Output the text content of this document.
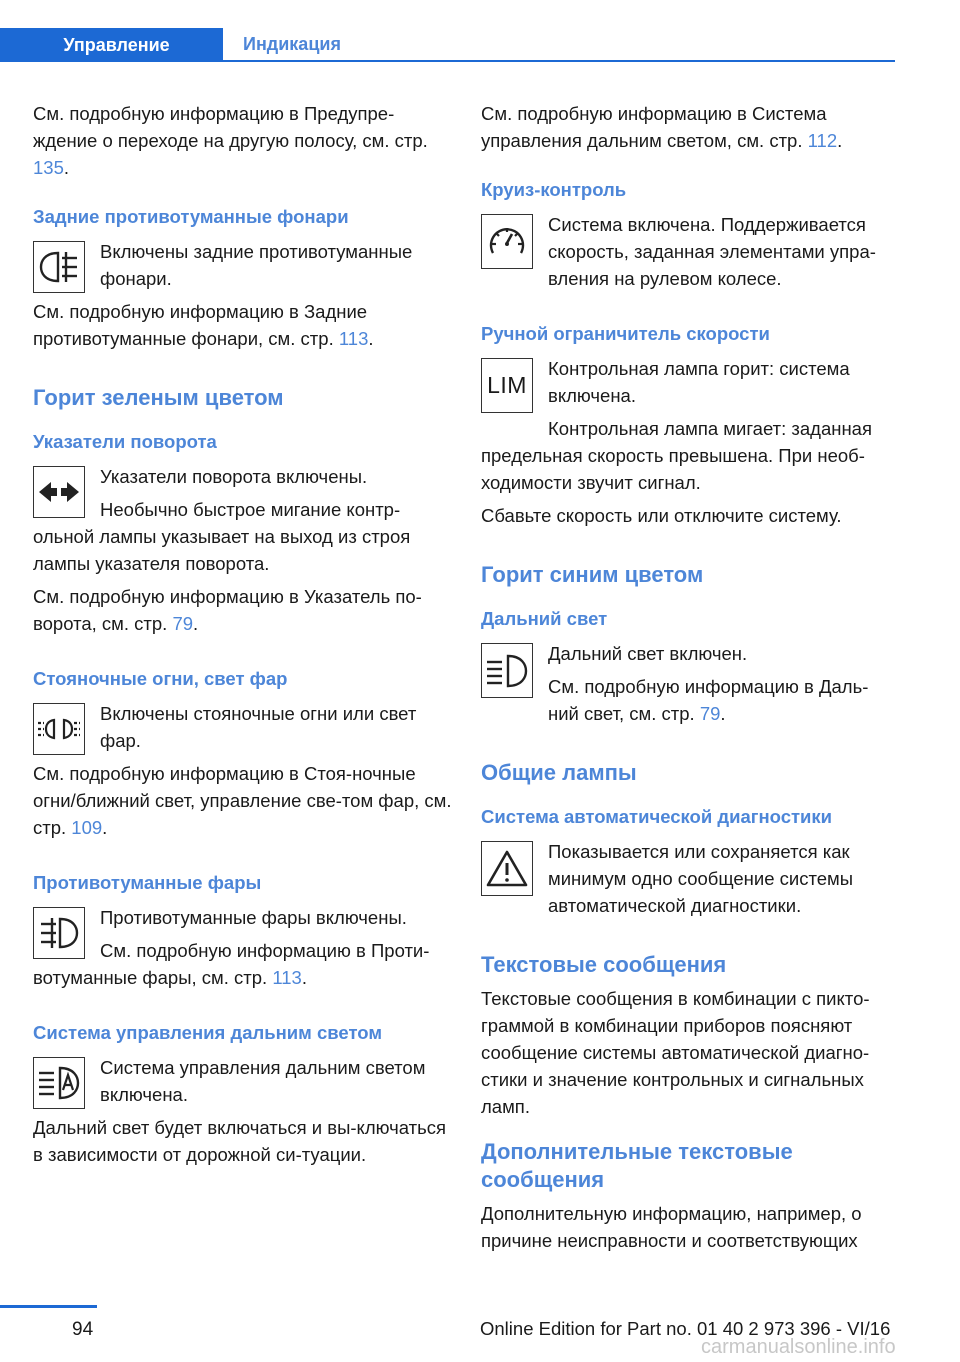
Управление	Индикация

См. подробную информацию в Предупре-ждение о переходе на другую полосу, см. стр. 135.

Задние противотуманные фонари

Включены задние противотуманные фонари.

См. подробную информацию в Задние противотуманные фонари, см. стр. 113.

Горит зеленым цветом
Указатели поворота

Указатели поворота включены.

Необычно быстрое мигание контр-ольной лампы указывает на выход из строя лампы указателя поворота.

См. подробную информацию в Указатель по-ворота, см. стр. 79.

Стояночные огни, свет фар

Включены стояночные огни или свет фар.

См. подробную информацию в Стоя-ночные огни/ближний свет, управление све-том фар, см. стр. 109.

Противотуманные фары

Противотуманные фары включены.

См. подробную информацию в Проти-вотуманные фары, см. стр. 113.

Система управления дальним светом

Система управления дальним светом включена.

Дальний свет будет включаться и вы-ключаться в зависимости от дорожной си-туации.

См. подробную информацию в Система управления дальним светом, см. стр. 112.

Круиз-контроль

Система включена. Поддерживается скорость, заданная элементами упра-вления на рулевом колесе.

Ручной ограничитель скорости
LIM

Контрольная лампа горит: система включена.

Контрольная лампа мигает: заданная предельная скорость превышена. При необ-ходимости звучит сигнал.

Сбавьте скорость или отключите систему.

Горит синим цветом
Дальний свет

Дальний свет включен.

См. подробную информацию в Даль-ний свет, см. стр. 79.

Общие лампы
Система автоматической диагностики

Показывается или сохраняется как минимум одно сообщение системы автоматической диагностики.

Текстовые сообщения

Текстовые сообщения в комбинации с пикто-граммой в комбинации приборов поясняют сообщение системы автоматической диагно-стики и значение контрольных и сигнальных ламп.

Дополнительные текстовые сообщения

Дополнительную информацию, например, о причине неисправности и соответствующих

94	Online Edition for Part no. 01 40 2 973 396 - VI/16
carmanualsonline.info
